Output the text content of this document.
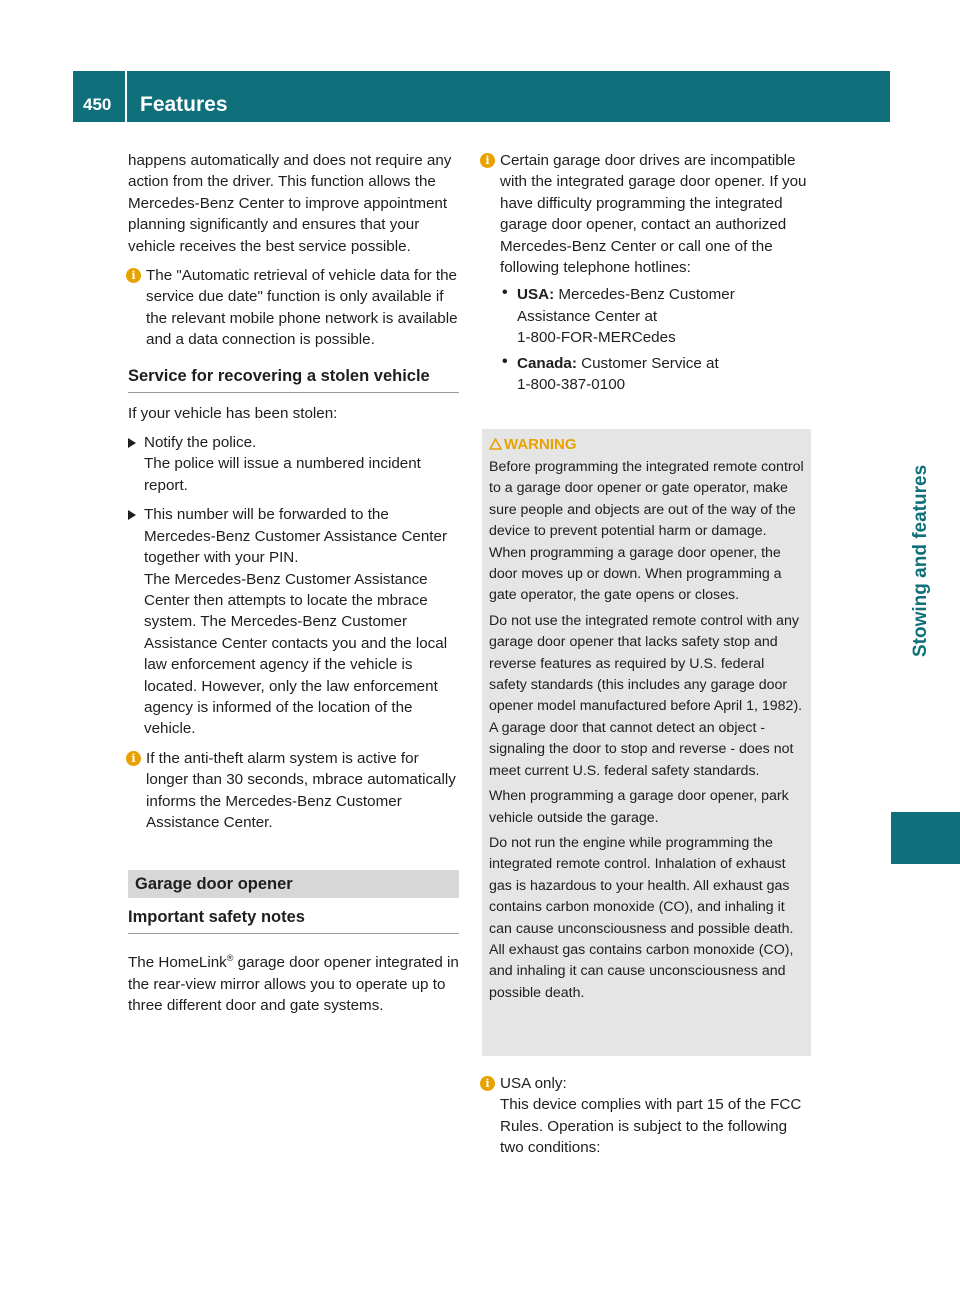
450	Features
Stowing and features

happens automatically and does not require any action from the driver. This function allows the Mercedes-Benz Center to improve appointment planning significantly and ensures that your vehicle receives the best service possible.

i The "Automatic retrieval of vehicle data for the service due date" function is only available if the relevant mobile phone network is available and a data connection is possible.

Service for recovering a stolen vehicle

If your vehicle has been stolen:

Notify the police.

The police will issue a numbered incident report.

This number will be forwarded to the Mercedes-Benz Customer Assistance Center together with your PIN.

The Mercedes-Benz Customer Assistance Center then attempts to locate the mbrace system. The Mercedes-Benz Customer Assistance Center contacts you and the local law enforcement agency if the vehicle is located. However, only the law enforcement agency is informed of the location of the vehicle.

i If the anti-theft alarm system is active for longer than 30 seconds, mbrace automatically informs the Mercedes-Benz Customer Assistance Center.

Garage door opener
Important safety notes

The HomeLink® garage door opener integrated in the rear-view mirror allows you to operate up to three different door and gate systems.

i Certain garage door drives are incompatible with the integrated garage door opener. If you have difficulty programming the integrated garage door opener, contact an authorized Mercedes-Benz Center or call one of the following telephone hotlines:

• USA: Mercedes-Benz Customer

Assistance Center at

1-800-FOR-MERCedes

• Canada: Customer Service at

1-800-387-0100

WARNING

Before programming the integrated remote control to a garage door opener or gate operator, make sure people and objects are out of the way of the device to prevent potential harm or damage. When programming a garage door opener, the door moves up or down. When programming a gate operator, the gate opens or closes.

Do not use the integrated remote control with any garage door opener that lacks safety stop and reverse features as required by U.S. federal safety standards (this includes any garage door opener model manufactured before April 1, 1982). A garage door that cannot detect an object - signaling the door to stop and reverse - does not meet current U.S. federal safety standards.

When programming a garage door opener, park vehicle outside the garage.

Do not run the engine while programming the integrated remote control. Inhalation of exhaust gas is hazardous to your health. All exhaust gas contains carbon monoxide (CO), and inhaling it can cause unconsciousness and possible death. All exhaust gas contains carbon monoxide (CO), and inhaling it can cause unconsciousness and possible death.

i USA only:

This device complies with part 15 of the FCC Rules. Operation is subject to the following two conditions:
